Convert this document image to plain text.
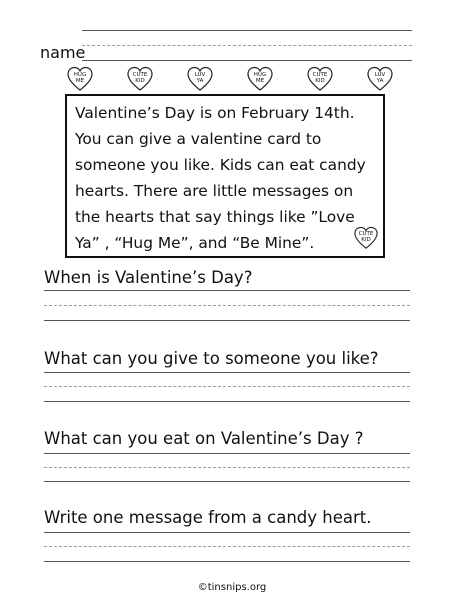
name
HUG
ME
CUTE
KID
LUV
YA
HUG
ME
CUTE
KID
LUV
YA
Valentine’s Day is on February 14th.
You can give a valentine card to
someone you like. Kids can eat candy
hearts. There are little messages on
the hearts that say things like ”Love
Ya” , “Hug Me”, and “Be Mine”.	CUTE
KID
When is Valentine’s Day?
What can you give to someone you like?
What can you eat on Valentine’s Day ?
Write one message from a candy heart.
©tinsnips.org
